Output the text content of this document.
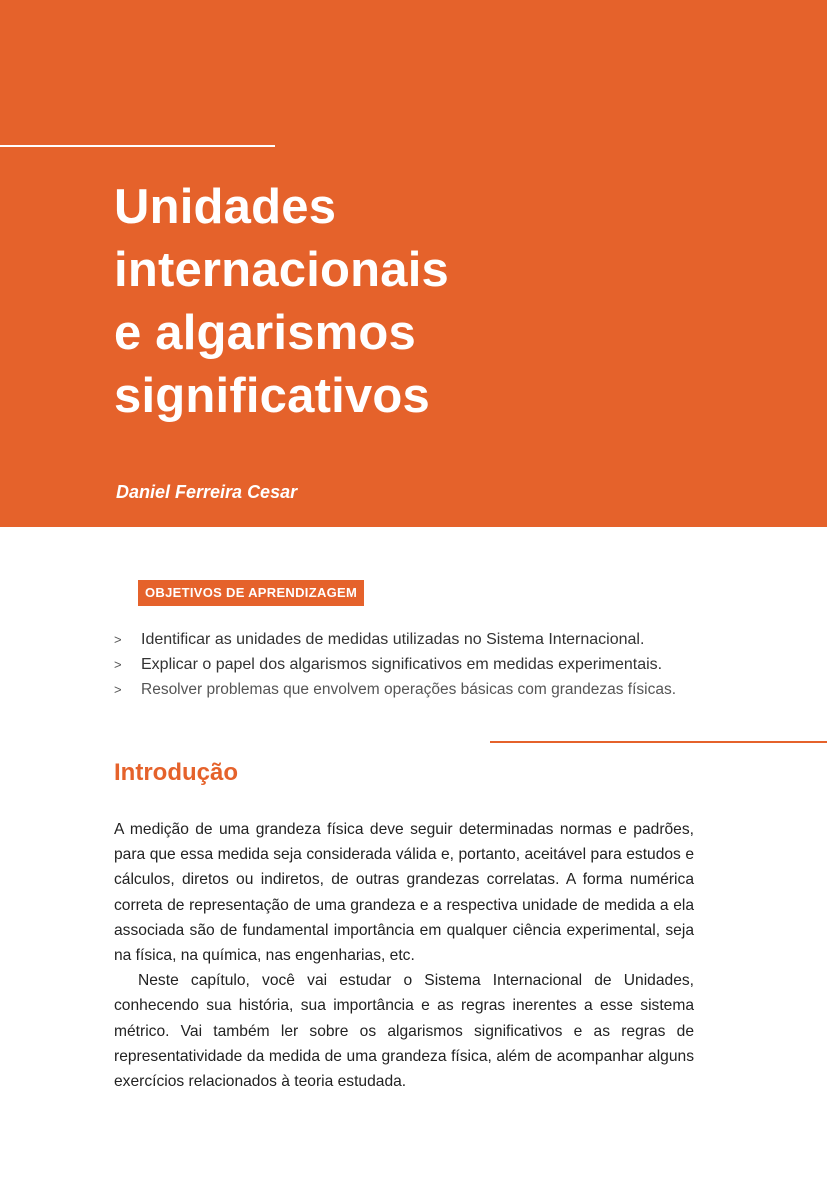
Unidades
internacionais
e algarismos
significativos
Daniel Ferreira Cesar
OBJETIVOS DE APRENDIZAGEM
> Identificar as unidades de medidas utilizadas no Sistema Internacional.
> Explicar o papel dos algarismos significativos em medidas experimentais.
> Resolver problemas que envolvem operações básicas com grandezas físicas.
Introdução

A medição de uma grandeza física deve seguir determinadas normas e padrões, para que essa medida seja considerada válida e, portanto, aceitável para estudos e cálculos, diretos ou indiretos, de outras grandezas correlatas. A forma numérica correta de representação de uma grandeza e a respectiva unidade de medida a ela associada são de fundamental importância em qualquer ciência experimental, seja na física, na química, nas engenharias, etc.

Neste capítulo, você vai estudar o Sistema Internacional de Unidades, conhecendo sua história, sua importância e as regras inerentes a esse sistema métrico. Vai também ler sobre os algarismos significativos e as regras de representatividade da medida de uma grandeza física, além de acompanhar alguns exercícios relacionados à teoria estudada.
